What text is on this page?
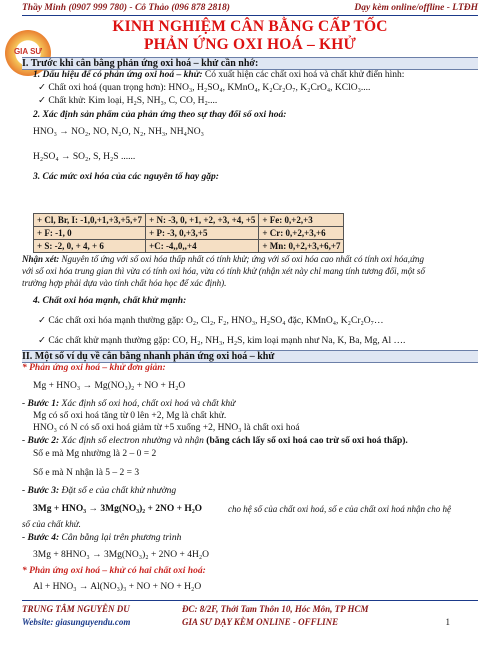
Thầy Minh (0907 999 780) - Cô Thảo (096 878 2818)	Dạy kèm online/offline - LTĐH
GIA SƯ
KINH NGHIỆM CÂN BẰNG CẤP TỐC
PHẢN ỨNG OXI HOÁ – KHỬ
I. Trước khi cân bằng phản ứng oxi hoá – khử cần nhớ:
1. Dấu hiệu để có phản ứng oxi hoá – khử: Có xuất hiện các chất oxi hoá và chất khử điển hình:
✓ Chất oxi hoá (quan trọng hơn): HNO₃, H₂SO₄, KMnO₄, K₂Cr₂O₇, K₂CrO₄, KClO₃....
✓ Chất khử: Kim loại, H₂S, NH₃, C, CO, H₂....
2. Xác định sản phẩm của phản ứng theo sự thay đổi số oxi hoá:
HNO₃ → NO₂, NO, N₂O, N₂, NH₃, NH₄NO₃
H₂SO₄ → SO₂, S, H₂S ......
3. Các mức oxi hóa của các nguyên tố hay gặp:
+ Cl, Br, I: -1,0,+1,+3,+5,+7	+ N: -3, 0, +1, +2, +3, +4, +5	+ Fe: 0,+2,+3
+ F: -1, 0	+ P: -3, 0,+3,+5	+ Cr: 0,+2,+3,+6
+ S: -2, 0, + 4, + 6	+C: -4,,0,,+4	+ Mn: 0,+2,+3,+6,+7
Nhận xét: Nguyên tố ứng với số oxi hóa thấp nhất có tính khử; ứng với số oxi hóa cao nhất có tính oxi hóa,ứng
với số oxi hóa trung gian thì vừa có tính oxi hóa, vừa có tính khử (nhận xét này chỉ mang tính tương đối, một số
trường hợp phải dựa vào tính chất hóa học để xác định).
4. Chất oxi hóa mạnh, chất khử mạnh:
✓ Các chất oxi hóa mạnh thường gặp: O₂, Cl₂, F₂, HNO₃, H₂SO₄ đặc, KMnO₄, K₂Cr₂O₇…
✓ Các chất khử mạnh thường gặp: CO, H₂, NH₃, H₂S, kim loại mạnh như Na, K, Ba, Mg, Al ….
II. Một số ví dụ về cân bằng nhanh phản ứng oxi hoá – khử
* Phản ứng oxi hoá – khử đơn giản:
Mg + HNO₃ → Mg(NO₃)₂ + NO + H₂O
- Bước 1: Xác định số oxi hoá, chất oxi hoá và chất khử
Mg có số oxi hoá tăng từ 0 lên +2, Mg là chất khử.
HNO₃ có N có số oxi hoá giảm từ +5 xuống +2, HNO₃ là chất oxi hoá
- Bước 2: Xác định số electron nhường và nhận (bằng cách lấy số oxi hoá cao trừ số oxi hoá thấp).
Số e mà Mg nhường là 2 – 0 = 2
Số e mà N nhận là 5 – 2 = 3
- Bước 3: Đặt số e của chất khử nhường
3Mg + HNO₃ → 3Mg(NO₃)₂ + 2NO + H₂O	cho hệ số của chất oxi hoá, số e của chất oxi hoá nhận cho hệ
số của chất khử.
- Bước 4: Cân bằng lại trên phương trình
3Mg + 8HNO₃ → 3Mg(NO₃)₂ + 2NO + 4H₂O
* Phản ứng oxi hoá – khử có hai chất oxi hoá:
Al + HNO₃ → Al(NO₃)₃ + NO + NO + H₂O
TRUNG TÂM NGUYỄN DU	ĐC: 8/2F, Thới Tam Thôn 10, Hóc Môn, TP HCM
Website: giasunguyendu.com	GIA SƯ DẠY KÈM ONLINE - OFFLINE	1
